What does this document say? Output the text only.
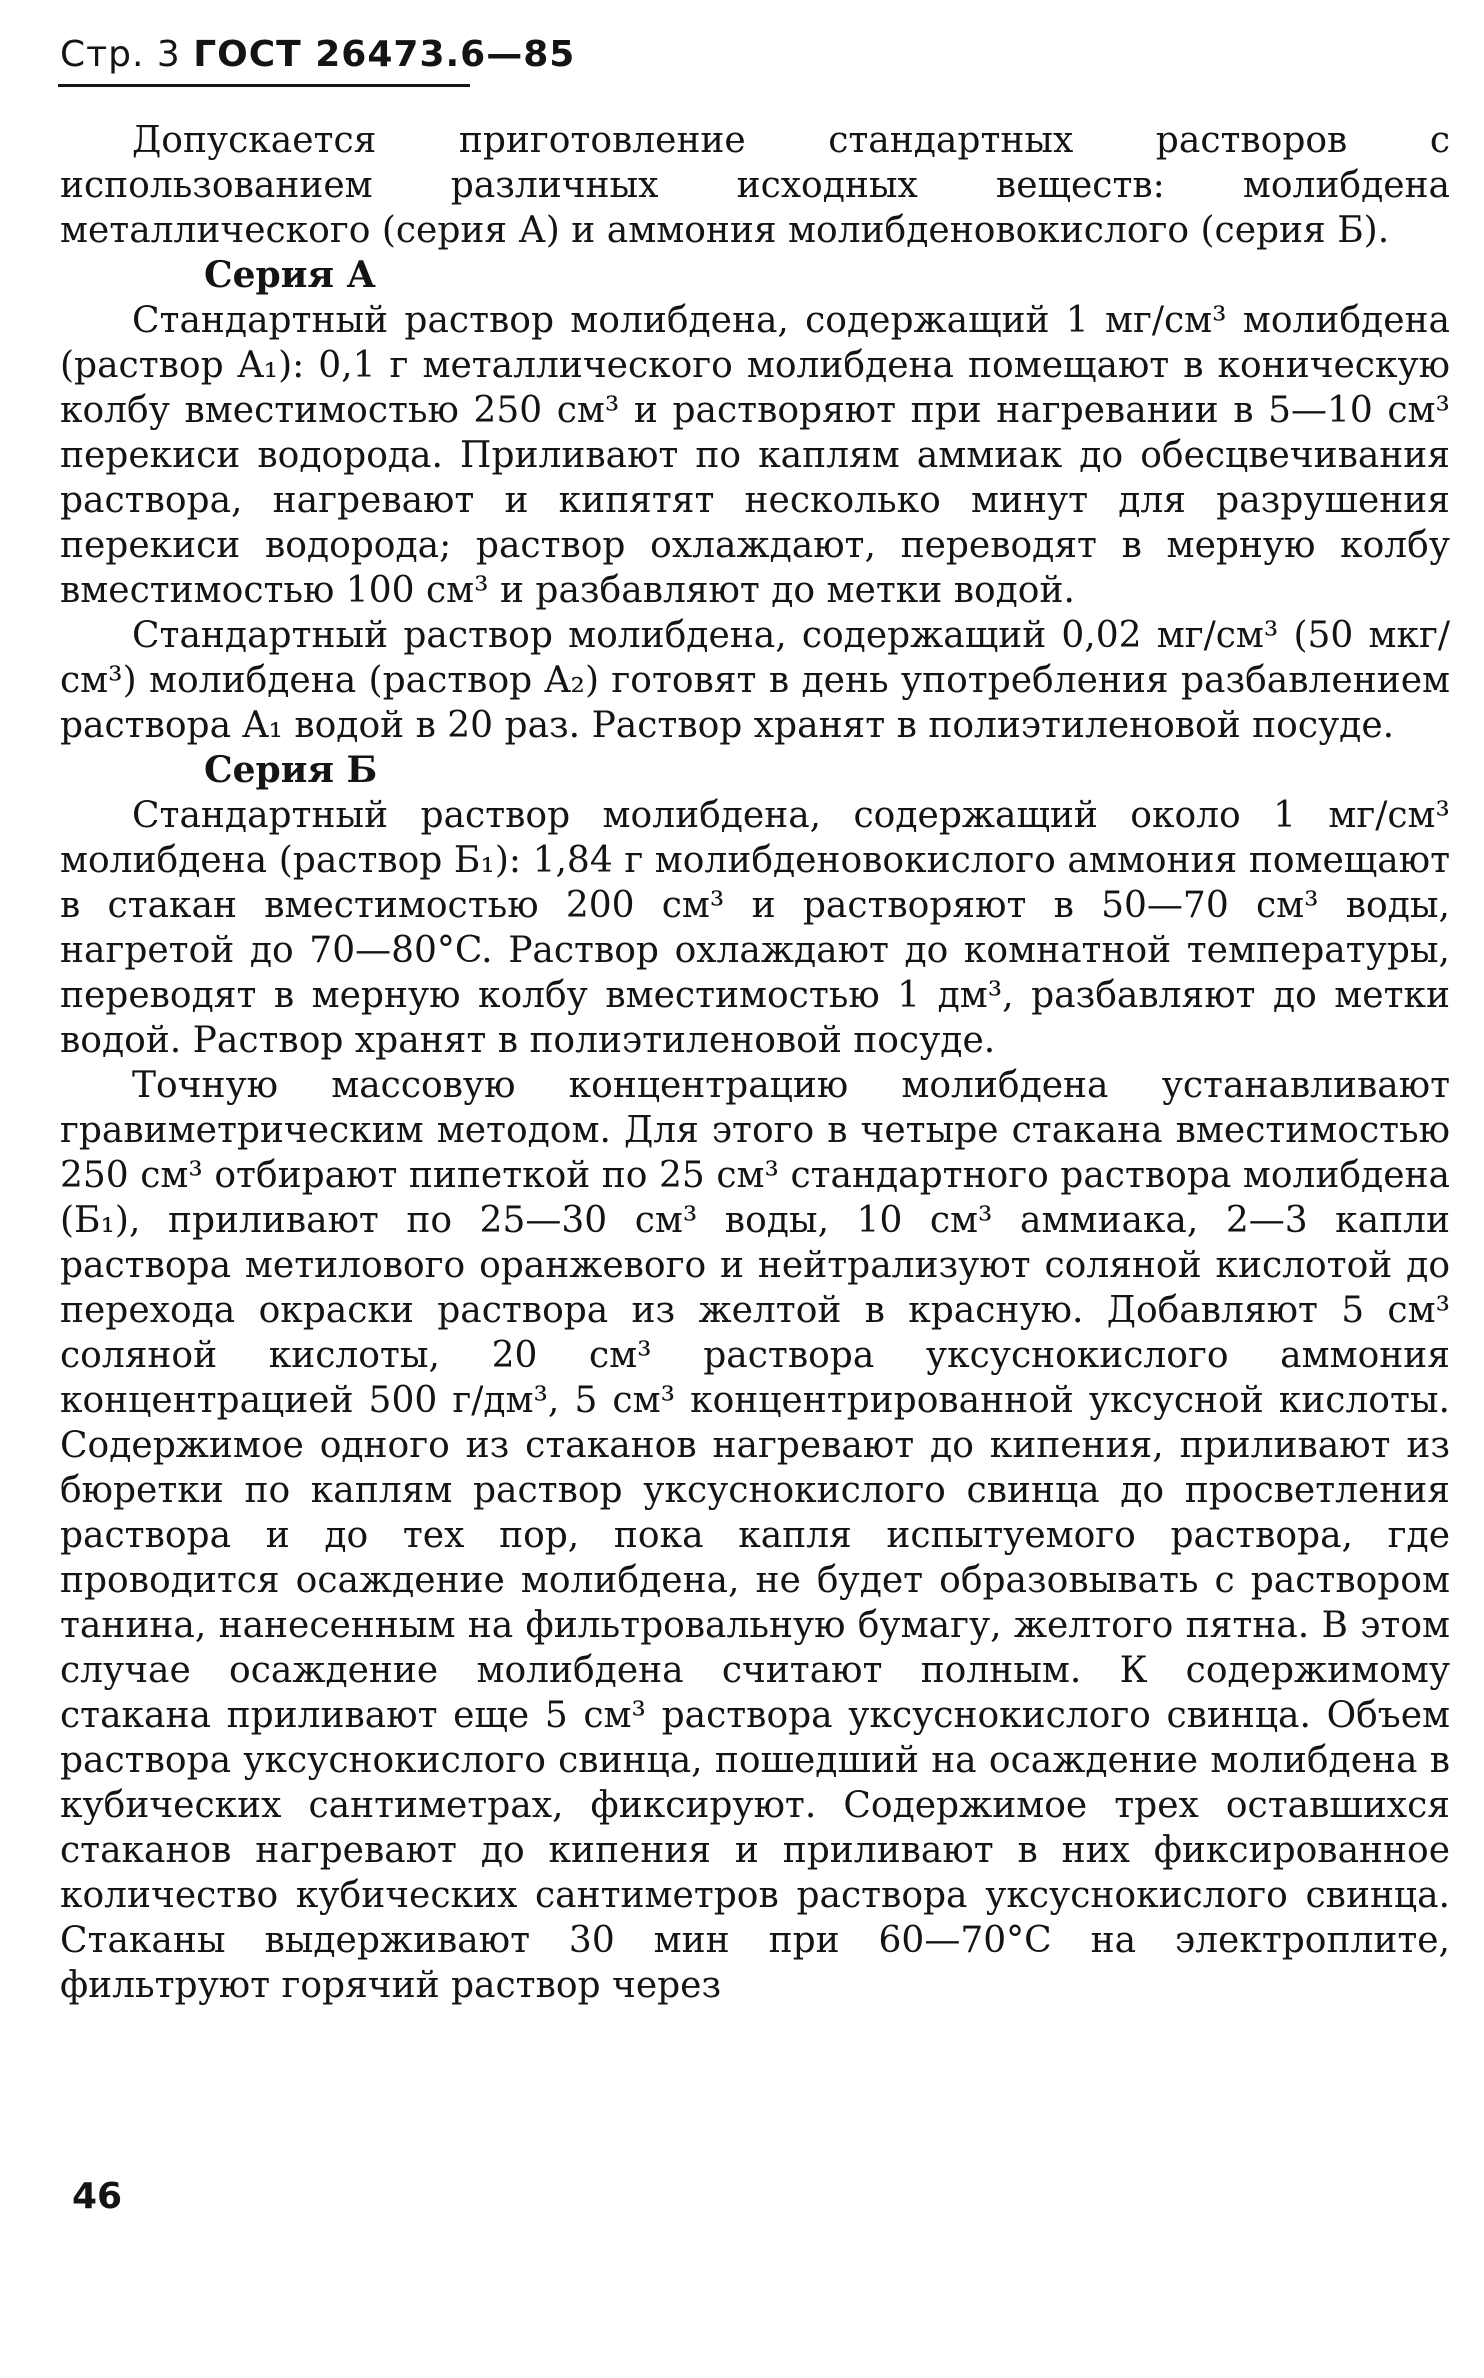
Стр. 3 ГОСТ 26473.6—85

Допускается приготовление стандартных растворов с использованием различных исходных веществ: молибдена металлического (серия А) и аммония молибденовокислого (серия Б).

Серия А

Стандартный раствор молибдена, содержащий 1 мг/см³ молибдена (раствор A₁): 0,1 г металлического молибдена помещают в коническую колбу вместимостью 250 см³ и растворяют при нагревании в 5—10 см³ перекиси водорода. Приливают по каплям аммиак до обесцвечивания раствора, нагревают и кипятят несколько минут для разрушения перекиси водорода; раствор охлаждают, переводят в мерную колбу вместимостью 100 см³ и разбавляют до метки водой.

Стандартный раствор молибдена, содержащий 0,02 мг/см³ (50 мкг/см³) молибдена (раствор A₂) готовят в день употребления разбавлением раствора A₁ водой в 20 раз. Раствор хранят в полиэтиленовой посуде.

Серия Б

Стандартный раствор молибдена, содержащий около 1 мг/см³ молибдена (раствор Б₁): 1,84 г молибденовокислого аммония помещают в стакан вместимостью 200 см³ и растворяют в 50—70 см³ воды, нагретой до 70—80°C. Раствор охлаждают до комнатной температуры, переводят в мерную колбу вместимостью 1 дм³, разбавляют до метки водой. Раствор хранят в полиэтиленовой посуде.

Точную массовую концентрацию молибдена устанавливают гравиметрическим методом. Для этого в четыре стакана вместимостью 250 см³ отбирают пипеткой по 25 см³ стандартного раствора молибдена (Б₁), приливают по 25—30 см³ воды, 10 см³ аммиака, 2—3 капли раствора метилового оранжевого и нейтрализуют соляной кислотой до перехода окраски раствора из желтой в красную. Добавляют 5 см³ соляной кислоты, 20 см³ раствора уксуснокислого аммония концентрацией 500 г/дм³, 5 см³ концентрированной уксусной кислоты. Содержимое одного из стаканов нагревают до кипения, приливают из бюретки по каплям раствор уксуснокислого свинца до просветления раствора и до тех пор, пока капля испытуемого раствора, где проводится осаждение молибдена, не будет образовывать с раствором танина, нанесенным на фильтровальную бумагу, желтого пятна. В этом случае осаждение молибдена считают полным. К содержимому стакана приливают еще 5 см³ раствора уксуснокислого свинца. Объем раствора уксуснокислого свинца, пошедший на осаждение молибдена в кубических сантиметрах, фиксируют. Содержимое трех оставшихся стаканов нагревают до кипения и приливают в них фиксированное количество кубических сантиметров раствора уксуснокислого свинца. Стаканы выдерживают 30 мин при 60—70°C на электроплите, фильтруют горячий раствор через

46
